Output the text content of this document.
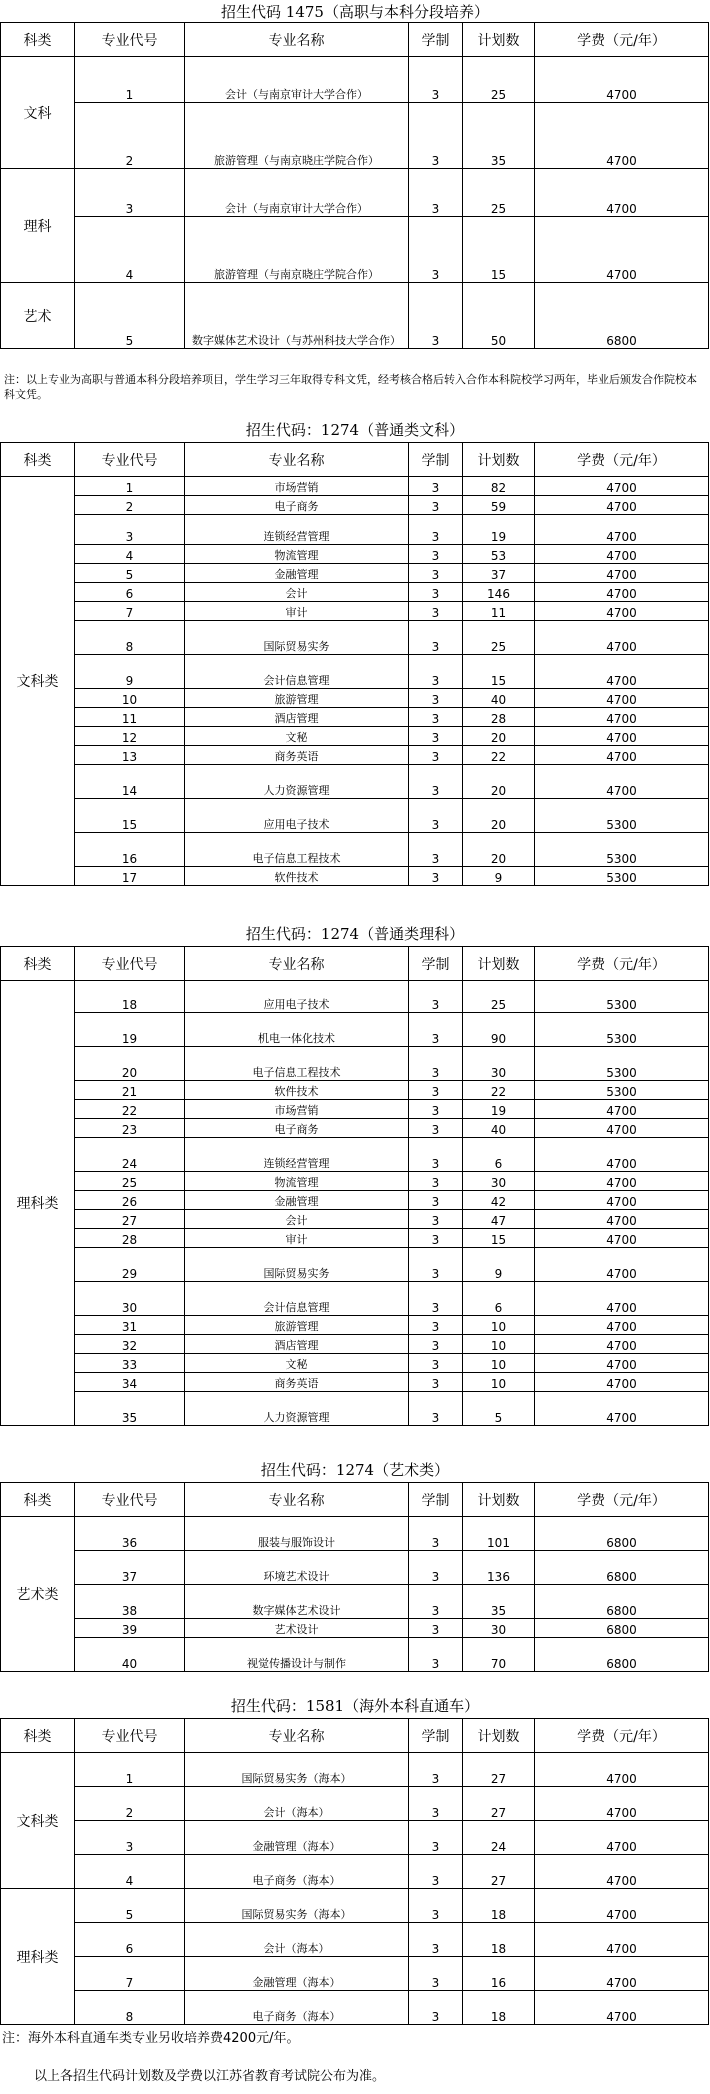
招生代码 1475（高职与本科分段培养）
科类	专业代号	专业名称	学制	计划数	学费（元/年）
文科	1	会计（与南京审计大学合作）	3	25	4700
	2	旅游管理（与南京晓庄学院合作）	3	35	4700
理科	3	会计（与南京审计大学合作）	3	25	4700
	4	旅游管理（与南京晓庄学院合作）	3	15	4700
艺术	5	数字媒体艺术设计（与苏州科技大学合作）	3	50	6800
注：以上专业为高职与普通本科分段培养项目，学生学习三年取得专科文凭，经考核合格后转入合作本科院校学习两年，毕业后颁发合作院校本科文凭。
招生代码：1274（普通类文科）
科类	专业代号	专业名称	学制	计划数	学费（元/年）
文科类	1	市场营销	3	82	4700
	2	电子商务	3	59	4700
	3	连锁经营管理	3	19	4700
	4	物流管理	3	53	4700
	5	金融管理	3	37	4700
	6	会计	3	146	4700
	7	审计	3	11	4700
	8	国际贸易实务	3	25	4700
	9	会计信息管理	3	15	4700
	10	旅游管理	3	40	4700
	11	酒店管理	3	28	4700
	12	文秘	3	20	4700
	13	商务英语	3	22	4700
	14	人力资源管理	3	20	4700
	15	应用电子技术	3	20	5300
	16	电子信息工程技术	3	20	5300
	17	软件技术	3	9	5300
招生代码：1274（普通类理科）
科类	专业代号	专业名称	学制	计划数	学费（元/年）
理科类	18	应用电子技术	3	25	5300
	19	机电一体化技术	3	90	5300
	20	电子信息工程技术	3	30	5300
	21	软件技术	3	22	5300
	22	市场营销	3	19	4700
	23	电子商务	3	40	4700
	24	连锁经营管理	3	6	4700
	25	物流管理	3	30	4700
	26	金融管理	3	42	4700
	27	会计	3	47	4700
	28	审计	3	15	4700
	29	国际贸易实务	3	9	4700
	30	会计信息管理	3	6	4700
	31	旅游管理	3	10	4700
	32	酒店管理	3	10	4700
	33	文秘	3	10	4700
	34	商务英语	3	10	4700
	35	人力资源管理	3	5	4700
招生代码：1274（艺术类）
科类	专业代号	专业名称	学制	计划数	学费（元/年）
艺术类	36	服装与服饰设计	3	101	6800
	37	环境艺术设计	3	136	6800
	38	数字媒体艺术设计	3	35	6800
	39	艺术设计	3	30	6800
	40	视觉传播设计与制作	3	70	6800
招生代码：1581（海外本科直通车）
科类	专业代号	专业名称	学制	计划数	学费（元/年）
文科类	1	国际贸易实务（海本）	3	27	4700
	2	会计（海本）	3	27	4700
	3	金融管理（海本）	3	24	4700
	4	电子商务（海本）	3	27	4700
理科类	5	国际贸易实务（海本）	3	18	4700
	6	会计（海本）	3	18	4700
	7	金融管理（海本）	3	16	4700
	8	电子商务（海本）	3	18	4700
注：海外本科直通车类专业另收培养费4200元/年。
以上各招生代码计划数及学费以江苏省教育考试院公布为准。
